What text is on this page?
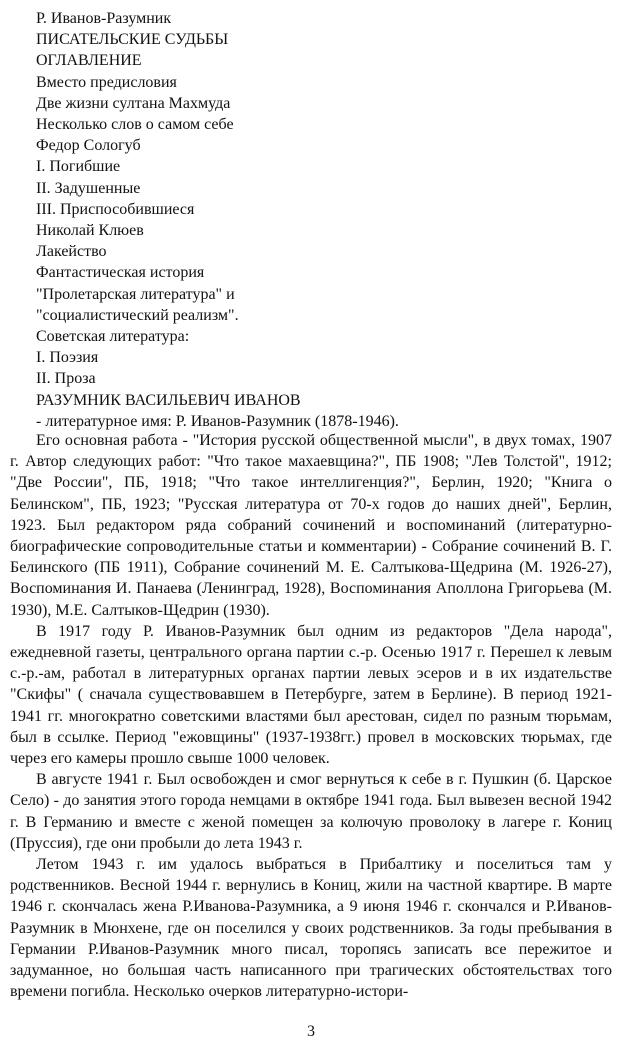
Р. Иванов-Разумник
ПИСАТЕЛЬСКИЕ СУДЬБЫ
ОГЛАВЛЕНИЕ
Вместо предисловия
Две жизни султана Махмуда
Несколько слов о самом себе
Федор Сологуб
I. Погибшие
II. Задушенные
III. Приспособившиеся
Николай Клюев
Лакейство
Фантастическая история
"Пролетарская литература" и
"социалистический реализм".
Советская литература:
I. Поэзия
II. Проза
РАЗУМНИК ВАСИЛЬЕВИЧ ИВАНОВ
- литературное имя: Р. Иванов-Разумник (1878-1946).

Его основная работа - "История русской общественной мысли", в двух томах, 1907 г. Автор следующих работ: "Что такое махаевщина?", ПБ 1908; "Лев Толстой", 1912; "Две России", ПБ, 1918; "Что такое интеллигенция?", Берлин, 1920; "Книга о Белинском", ПБ, 1923; "Русская литература от 70-х годов до наших дней", Берлин, 1923. Был редактором ряда собраний сочинений и воспоминаний (литературно-биографические сопроводительные статьи и комментарии) - Собрание сочинений В. Г. Белинского (ПБ 1911), Собрание сочинений М. Е. Салтыкова-Щедрина (М. 1926-27), Воспоминания И. Панаева (Ленинград, 1928), Воспоминания Аполлона Григорьева (М. 1930), М.Е. Салтыков-Щедрин (1930).

В 1917 году Р. Иванов-Разумник был одним из редакторов "Дела народа", ежедневной газеты, центрального органа партии с.-р. Осенью 1917 г. Перешел к левым с.-р.-ам, работал в литературных органах партии левых эсеров и в их издательстве "Скифы" ( сначала существовавшем в Петербурге, затем в Берлине). В период 1921-1941 гг. многократно советскими властями был арестован, сидел по разным тюрьмам, был в ссылке. Период "ежовщины" (1937-1938гг.) провел в московских тюрьмах, где через его камеры прошло свыше 1000 человек.

В августе 1941 г. Был освобожден и смог вернуться к себе в г. Пушкин (б. Царское Село) - до занятия этого города немцами в октябре 1941 года. Был вывезен весной 1942 г. В Германию и вместе с женой помещен за колючую проволоку в лагере г. Кониц (Пруссия), где они пробыли до лета 1943 г.

Летом 1943 г. им удалось выбраться в Прибалтику и поселиться там у родственников. Весной 1944 г. вернулись в Кониц, жили на частной квартире. В марте 1946 г. скончалась жена Р.Иванова-Разумника, а 9 июня 1946 г. скончался и Р.Иванов-Разумник в Мюнхене, где он поселился у своих родственников. За годы пребывания в Германии Р.Иванов-Разумник много писал, торопясь записать все пережитое и задуманное, но большая часть написанного при трагических обстоятельствах того времени погибла. Несколько очерков литературно-истори-

3
